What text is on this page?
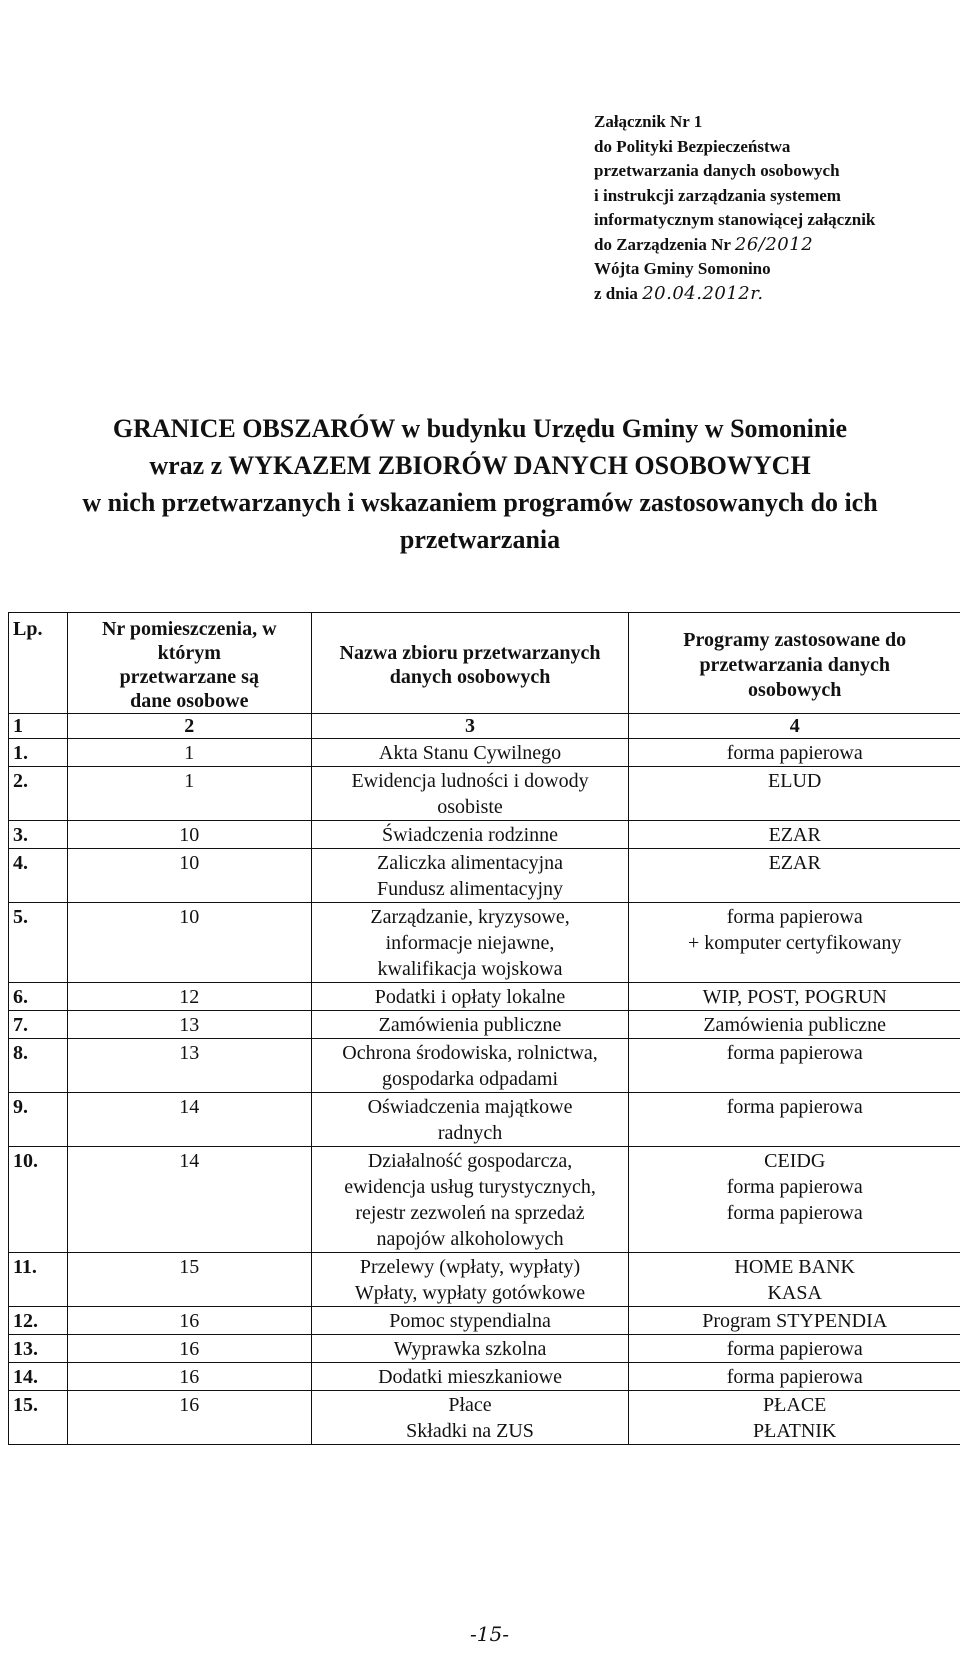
Załącznik Nr 1
do Polityki Bezpieczeństwa
przetwarzania danych osobowych
i instrukcji zarządzania systemem
informatycznym stanowiącej załącznik
do Zarządzenia Nr 26/2012
Wójta Gminy Somonino
z dnia 20.04.2012r.
GRANICE OBSZARÓW w budynku Urzędu Gminy w Somoninie
wraz z WYKAZEM ZBIORÓW DANYCH OSOBOWYCH
w nich przetwarzanych i wskazaniem programów zastosowanych do ich
przetwarzania
Lp.	Nr pomieszczenia, w
którym
przetwarzane są
dane osobowe	Nazwa zbioru przetwarzanych
danych osobowych	Programy zastosowane do
przetwarzania danych
osobowych

1	2	3	4
1.	1	Akta Stanu Cywilnego	forma papierowa

2.	1	Ewidencja ludności i dowody
osobiste	ELUD

3.	10	Świadczenia rodzinne	EZAR

4.	10	Zaliczka alimentacyjna
Fundusz alimentacyjny	EZAR

5.	10	Zarządzanie, kryzysowe,
informacje niejawne,
kwalifikacja wojskowa	forma papierowa
+ komputer certyfikowany

6.	12	Podatki i opłaty lokalne	WIP, POST, POGRUN

7.	13	Zamówienia publiczne	Zamówienia publiczne

8.	13	Ochrona środowiska, rolnictwa,
gospodarka odpadami	forma papierowa

9.	14	Oświadczenia majątkowe
radnych	forma papierowa

10.	14	Działalność gospodarcza,
ewidencja usług turystycznych,
rejestr zezwoleń na sprzedaż
napojów alkoholowych	CEIDG
forma papierowa
forma papierowa

11.	15	Przelewy (wpłaty, wypłaty)
Wpłaty, wypłaty gotówkowe	HOME BANK
KASA

12.	16	Pomoc stypendialna	Program STYPENDIA

13.	16	Wyprawka szkolna	forma papierowa

14.	16	Dodatki mieszkaniowe	forma papierowa

15.	16	Płace
Składki na ZUS	PŁACE
PŁATNIK
-15-
